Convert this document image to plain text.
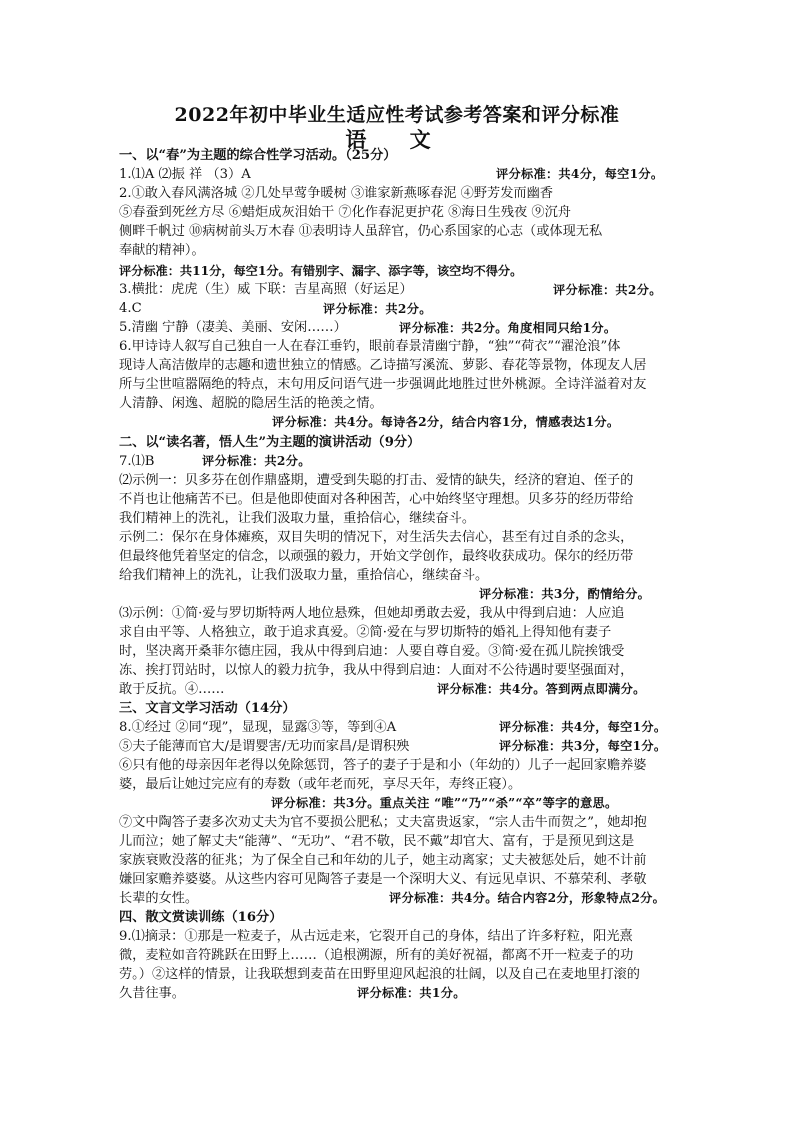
2022年初中毕业生适应性考试参考答案和评分标准
语 文
一、以“春”为主题的综合性学习活动。（25分）
1.⑴A ⑵振 祥 （3）A
2.①敢入春风满洛城 ②几处早莺争暖树 ③谁家新燕啄春泥 ④野芳发而幽香
⑤春蚕到死丝方尽 ⑥蜡炬成灰泪始干 ⑦化作春泥更护花 ⑧海日生残夜 ⑨沉舟
侧畔千帆过 ⑩病树前头万木春 ⑪表明诗人虽辞官，仍心系国家的心志（或体现无私
奉献的精神）。
评分标准：共11分，每空1分。有错别字、漏字、添字等，该空均不得分。
3.横批：虎虎（生）威 下联：吉星高照（好运足）
4.C
5.清幽 宁静（凄美、美丽、安闲……）
6.甲诗诗人叙写自己独自一人在春江垂钓，眼前春景清幽宁静，“独”“荷衣”“濯沧浪”体
现诗人高洁傲岸的志趣和遗世独立的情感。乙诗描写溪流、萝影、春花等景物，体现友人居
所与尘世喧嚣隔绝的特点，末句用反问语气进一步强调此地胜过世外桃源。全诗洋溢着对友
人清静、闲逸、超脱的隐居生活的艳羡之情。
二、以“读名著，悟人生”为主题的演讲活动（9分）
7.⑴B
⑵示例一：贝多芬在创作鼎盛期，遭受到失聪的打击、爱情的缺失，经济的窘迫、侄子的
不肖也让他痛苦不已。但是他即使面对各种困苦，心中始终坚守理想。贝多芬的经历带给
我们精神上的洗礼，让我们汲取力量，重拾信心，继续奋斗。
示例二：保尔在身体瘫痪，双目失明的情况下，对生活失去信心，甚至有过自杀的念头，
但最终他凭着坚定的信念，以顽强的毅力，开始文学创作，最终收获成功。保尔的经历带
给我们精神上的洗礼，让我们汲取力量，重拾信心，继续奋斗。
⑶示例：①简·爱与罗切斯特两人地位悬殊，但她却勇敢去爱，我从中得到启迪：人应追
求自由平等、人格独立，敢于追求真爱。②简·爱在与罗切斯特的婚礼上得知他有妻子
时，坚决离开桑菲尔德庄园，我从中得到启迪：人要自尊自爱。③简·爱在孤儿院挨饿受
冻、挨打罚站时，以惊人的毅力抗争，我从中得到启迪：人面对不公待遇时要坚强面对，
敢于反抗。④……
三、文言文学习活动（14分）
8.①经过 ②同“现”，显现，显露③等，等到④A
⑤夫子能薄而官大/是谓婴害/无功而家昌/是谓积殃
⑥只有他的母亲因年老得以免除惩罚，答子的妻子于是和小（年幼的）儿子一起回家赡养婆
婆，最后让她过完应有的寿数（或年老而死，享尽天年，寿终正寝）。
⑦文中陶答子妻多次劝丈夫为官不要损公肥私；丈夫富贵返家，“宗人击牛而贺之”，她却抱
儿而泣；她了解丈夫“能薄”、“无功”、“君不敬，民不戴”却官大、富有，于是预见到这是
家族衰败没落的征兆；为了保全自己和年幼的儿子，她主动离家；丈夫被惩处后，她不计前
嫌回家赡养婆婆。从这些内容可见陶答子妻是一个深明大义、有远见卓识、不慕荣利、孝敬
长辈的女性。
四、散文赏读训练（16分）
9.⑴摘录：①那是一粒麦子，从古远走来，它裂开自己的身体，结出了许多籽粒，阳光熹
微，麦粒如音符跳跃在田野上……（追根溯源，所有的美好祝福，都离不开一粒麦子的功
劳。）②这样的情景，让我联想到麦苗在田野里迎风起浪的壮阔，以及自己在麦地里打滚的
久昔往事。
评分标准：共4分，每空1分。
评分标准：共2分。
评分标准：共2分。
评分标准：共2分。角度相同只给1分。
评分标准：共4分。每诗各2分，结合内容1分，情感表达1分。
评分标准：共2分。
评分标准：共3分，酌情给分。
评分标准：共4分。答到两点即满分。
评分标准：共4分，每空1分。
评分标准：共3分，每空1分。
评分标准：共3分。重点关注 “唯”“乃”“杀”“卒”等字的意思。
评分标准：共4分。结合内容2分，形象特点2分。
评分标准：共1分。
